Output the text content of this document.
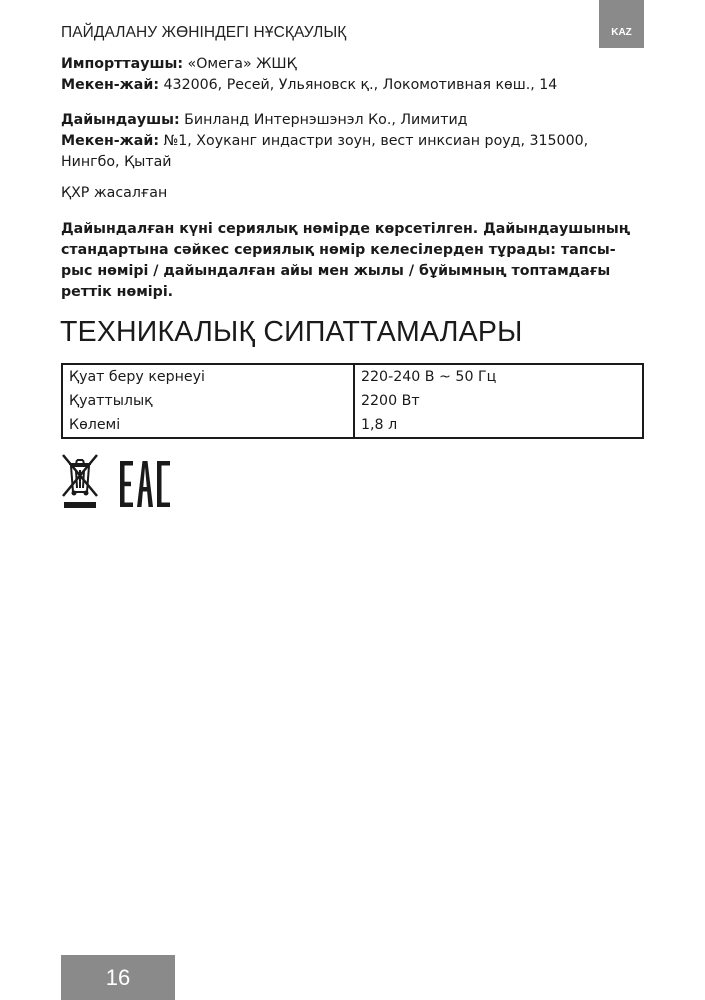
ПАЙДАЛАНУ ЖӨНІНДЕГІ НҰСҚАУЛЫҚ	KAZ
Импорттаушы: «Омега» ЖШҚ
Мекен-жай: 432006, Ресей, Ульяновск қ., Локомотивная көш., 14
Дайындаушы: Бинланд Интернэшэнэл Ко., Лимитид
Мекен-жай: №1, Хоуканг индастри зоун, вест инксиан роуд, 315000,
Нингбо, Қытай
ҚХР жасалған
Дайындалған күні сериялық нөмірде көрсетілген. Дайындаушының
стандартына сәйкес сериялық нөмір келесілерден тұрады: тапсы-
рыс нөмірі / дайындалған айы мен жылы / бұйымның топтамдағы
реттік нөмірі.
ТЕХНИКАЛЫҚ СИПАТТАМАЛАРЫ
Қуат беру кернеуі	220-240 В ~ 50 Гц
Қуаттылық	2200 Вт
Көлемі	1,8 л
16
